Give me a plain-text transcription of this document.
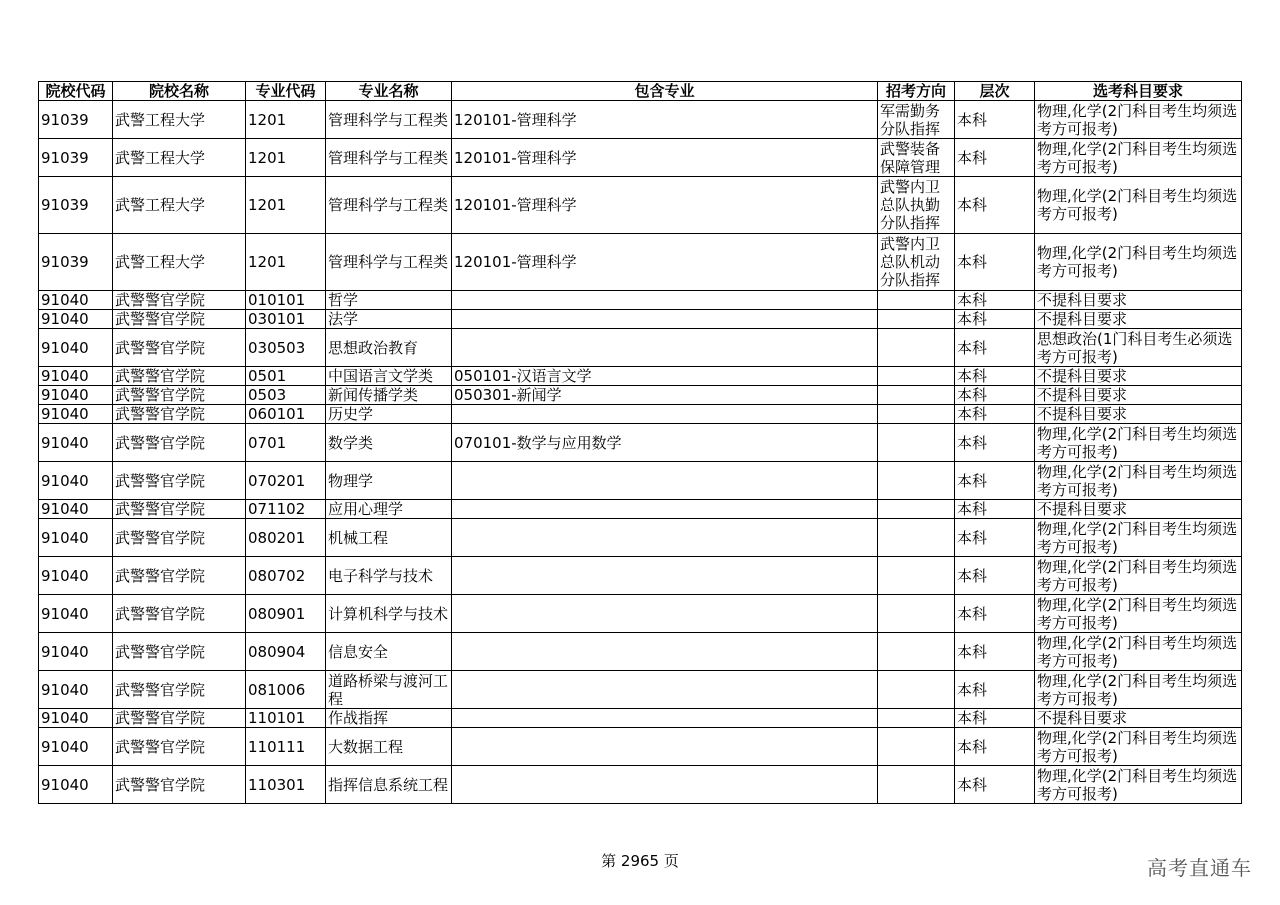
院校代码	院校名称	专业代码	专业名称	包含专业	招考方向	层次	选考科目要求

91039	武警工程大学	1201	管理科学与工程类	120101-管理科学	军需勤务分队指挥	本科	物理,化学(2门科目考生均须选考方可报考)

91039	武警工程大学	1201	管理科学与工程类	120101-管理科学	武警装备保障管理	本科	物理,化学(2门科目考生均须选考方可报考)

91039	武警工程大学	1201	管理科学与工程类	120101-管理科学	武警内卫总队执勤分队指挥	本科	物理,化学(2门科目考生均须选考方可报考)

91039	武警工程大学	1201	管理科学与工程类	120101-管理科学	武警内卫总队机动分队指挥	本科	物理,化学(2门科目考生均须选考方可报考)

91040	武警警官学院	010101	哲学			本科	不提科目要求

91040	武警警官学院	030101	法学			本科	不提科目要求

91040	武警警官学院	030503	思想政治教育			本科	思想政治(1门科目考生必须选考方可报考)

91040	武警警官学院	0501	中国语言文学类	050101-汉语言文学		本科	不提科目要求

91040	武警警官学院	0503	新闻传播学类	050301-新闻学		本科	不提科目要求

91040	武警警官学院	060101	历史学			本科	不提科目要求

91040	武警警官学院	0701	数学类	070101-数学与应用数学		本科	物理,化学(2门科目考生均须选考方可报考)

91040	武警警官学院	070201	物理学			本科	物理,化学(2门科目考生均须选考方可报考)

91040	武警警官学院	071102	应用心理学			本科	不提科目要求

91040	武警警官学院	080201	机械工程			本科	物理,化学(2门科目考生均须选考方可报考)

91040	武警警官学院	080702	电子科学与技术			本科	物理,化学(2门科目考生均须选考方可报考)

91040	武警警官学院	080901	计算机科学与技术			本科	物理,化学(2门科目考生均须选考方可报考)

91040	武警警官学院	080904	信息安全			本科	物理,化学(2门科目考生均须选考方可报考)

91040	武警警官学院	081006	道路桥梁与渡河工程			本科	物理,化学(2门科目考生均须选考方可报考)

91040	武警警官学院	110101	作战指挥			本科	不提科目要求

91040	武警警官学院	110111	大数据工程			本科	物理,化学(2门科目考生均须选考方可报考)

91040	武警警官学院	110301	指挥信息系统工程			本科	物理,化学(2门科目考生均须选考方可报考)
第 2965 页	高考直通车
